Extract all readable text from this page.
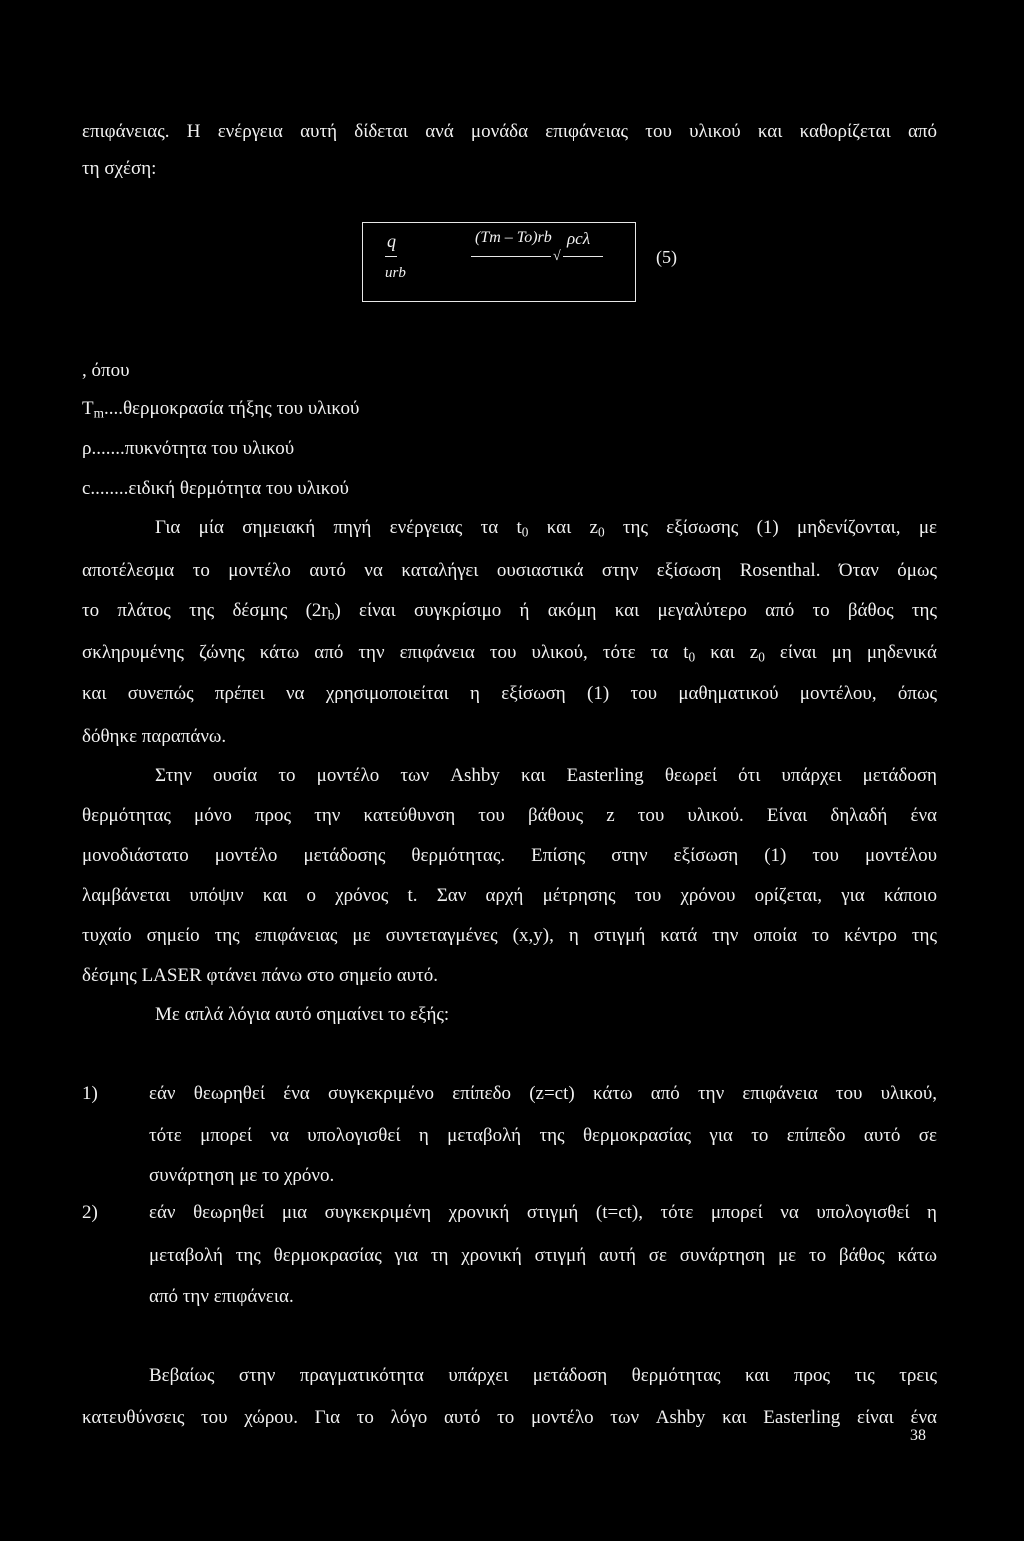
επιφάνειας. Η ενέργεια αυτή δίδεται ανά μονάδα επιφάνειας του υλικού και καθορίζεται από
τη σχέση:
q
urb
(Tm – To)rb
√
ρcλ
(5)
, όπου
$T_m....\theta\varepsilon\rho\mu o\kappa\rho\alpha\sigma ί\alpha$ τήξης του υλικού
ρ.......πυκνότητα του υλικού
c........ειδική θερμότητα του υλικού
Για μία σημειακή πηγή ενέργειας τα $t_0$ και $z_0$ της εξίσωσης (1) μηδενίζονται, με
αποτέλεσμα το μοντέλο αυτό να καταλήγει ουσιαστικά στην εξίσωση Rosenthal. Όταν όμως
το πλάτος της δέσμης $(2r_b)$ είναι συγκρίσιμο ή ακόμη και μεγαλύτερο από το βάθος της
σκληρυμένης ζώνης κάτω από την επιφάνεια του υλικού, τότε τα $t_0$ και $z_0$ είναι μη μηδενικά
και συνεπώς πρέπει να χρησιμοποιείται η εξίσωση (1) του μαθηματικού μοντέλου, όπως
δόθηκε παραπάνω.
Στην ουσία το μοντέλο των Ashby και Easterling θεωρεί ότι υπάρχει μετάδοση
θερμότητας μόνο προς την κατεύθυνση του βάθους z του υλικού. Είναι δηλαδή ένα
μονοδιάστατο μοντέλο μετάδοσης θερμότητας. Επίσης στην εξίσωση (1) του μοντέλου
λαμβάνεται υπόψιν και ο χρόνος t. Σαν αρχή μέτρησης του χρόνου ορίζεται, για κάποιο
τυχαίο σημείο της επιφάνειας με συντεταγμένες (x,y), η στιγμή κατά την οποία το κέντρο της
δέσμης LASER φτάνει πάνω στο σημείο αυτό.
Με απλά λόγια αυτό σημαίνει το εξής:
1)	εάν θεωρηθεί ένα συγκεκριμένο επίπεδο (z=ct) κάτω από την επιφάνεια του υλικού,
τότε μπορεί να υπολογισθεί η μεταβολή της θερμοκρασίας για το επίπεδο αυτό σε
συνάρτηση με το χρόνο.
2)	εάν θεωρηθεί μια συγκεκριμένη χρονική στιγμή (t=ct), τότε μπορεί να υπολογισθεί η
μεταβολή της θερμοκρασίας για τη χρονική στιγμή αυτή σε συνάρτηση με το βάθος κάτω
από την επιφάνεια.
Βεβαίως στην πραγματικότητα υπάρχει μετάδοση θερμότητας και προς τις τρεις
κατευθύνσεις του χώρου. Για το λόγο αυτό το μοντέλο των Ashby και Easterling είναι ένα
38
